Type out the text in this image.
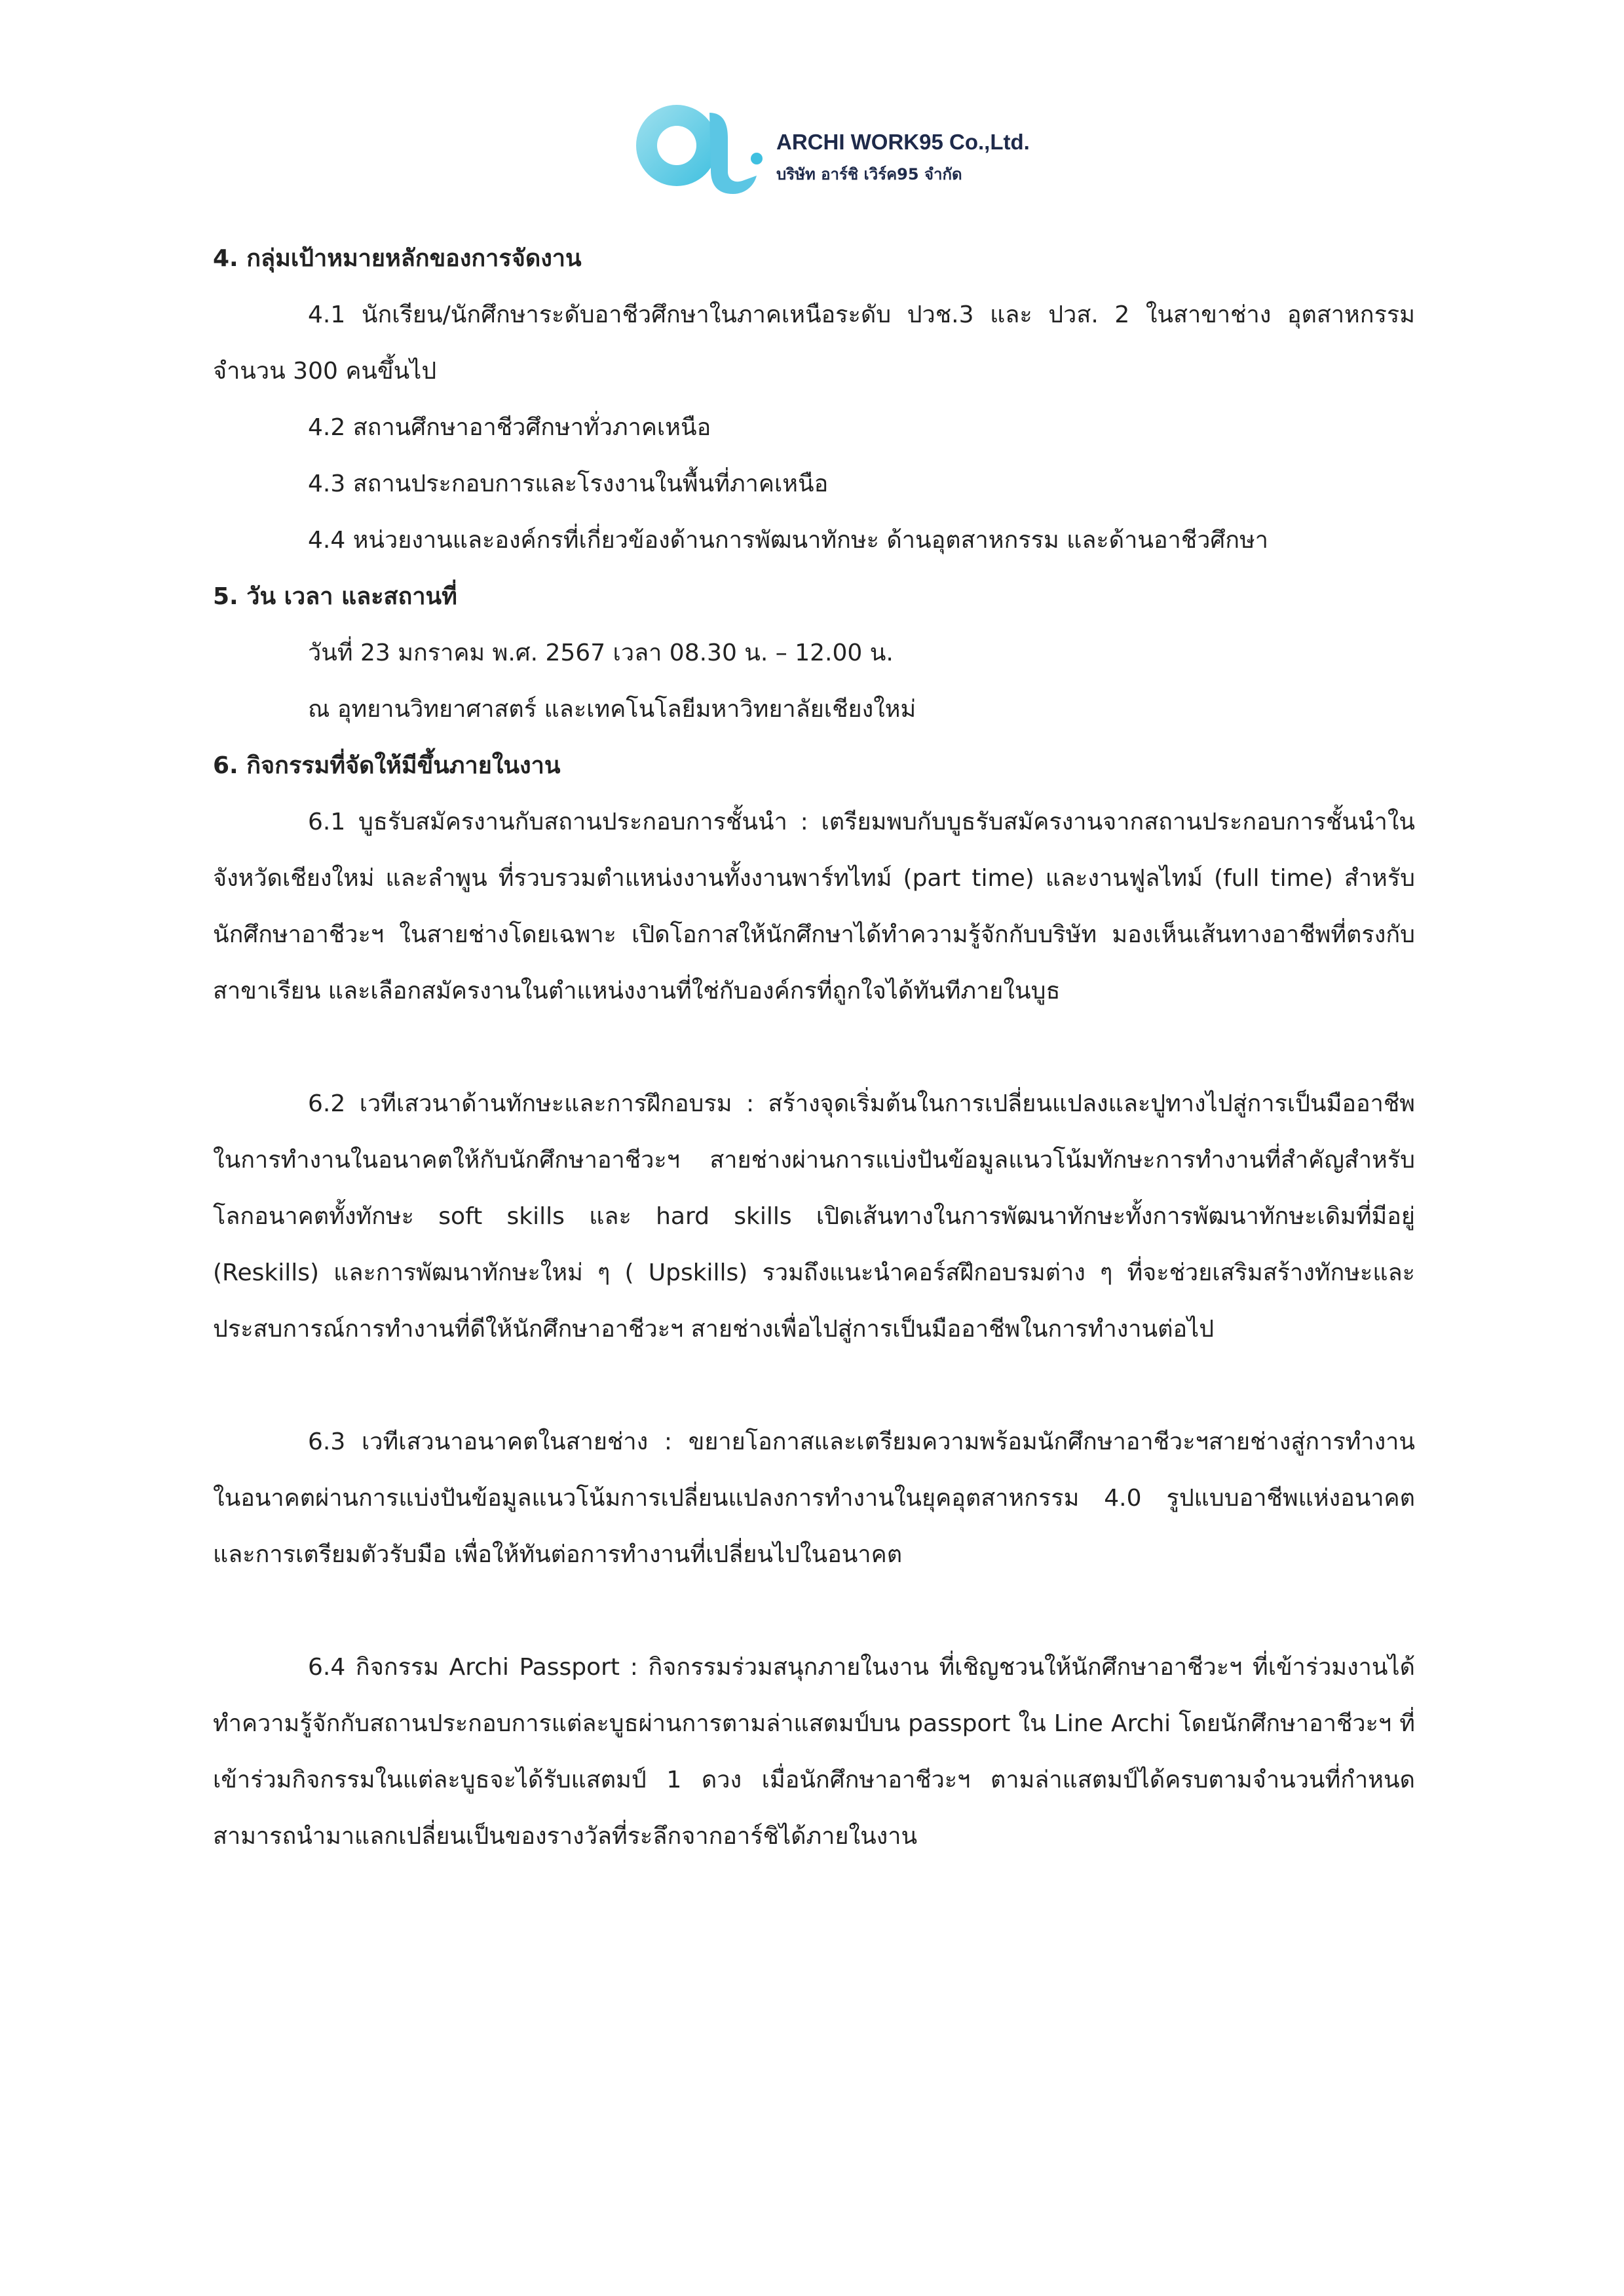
ARCHI WORK95 Co.,Ltd.
บริษัท อาร์ชิ เวิร์ค95 จำกัด

4. กลุ่มเป้าหมายหลักของการจัดงาน

4.1 นักเรียน/นักศึกษาระดับอาชีวศึกษาในภาคเหนือระดับ ปวช.3 และ ปวส. 2 ในสาขาช่าง อุตสาหกรรม จำนวน 300 คนขึ้นไป

4.2 สถานศึกษาอาชีวศึกษาทั่วภาคเหนือ

4.3 สถานประกอบการและโรงงานในพื้นที่ภาคเหนือ

4.4 หน่วยงานและองค์กรที่เกี่ยวข้องด้านการพัฒนาทักษะ ด้านอุตสาหกรรม และด้านอาชีวศึกษา

5. วัน เวลา และสถานที่

วันที่ 23 มกราคม พ.ศ. 2567 เวลา 08.30 น. – 12.00 น.

ณ อุทยานวิทยาศาสตร์ และเทคโนโลยีมหาวิทยาลัยเชียงใหม่

6. กิจกรรมที่จัดให้มีขึ้นภายในงาน

6.1 บูธรับสมัครงานกับสถานประกอบการชั้นนำ : เตรียมพบกับบูธรับสมัครงานจากสถานประกอบการชั้นนำในจังหวัดเชียงใหม่ และลำพูน ที่รวบรวมตำแหน่งงานทั้งงานพาร์ทไทม์ (part time) และงานฟูลไทม์ (full time) สำหรับนักศึกษาอาชีวะฯ ในสายช่างโดยเฉพาะ เปิดโอกาสให้นักศึกษาได้ทำความรู้จักกับบริษัท มองเห็นเส้นทางอาชีพที่ตรงกับสาขาเรียน และเลือกสมัครงานในตำแหน่งงานที่ใช่กับองค์กรที่ถูกใจได้ทันทีภายในบูธ

6.2 เวทีเสวนาด้านทักษะและการฝึกอบรม : สร้างจุดเริ่มต้นในการเปลี่ยนแปลงและปูทางไปสู่การเป็นมืออาชีพในการทำงานในอนาคตให้กับนักศึกษาอาชีวะฯ สายช่างผ่านการแบ่งปันข้อมูลแนวโน้มทักษะการทำงานที่สำคัญสำหรับโลกอนาคตทั้งทักษะ soft skills และ hard skills เปิดเส้นทางในการพัฒนาทักษะทั้งการพัฒนาทักษะเดิมที่มีอยู่ (Reskills) และการพัฒนาทักษะใหม่ ๆ ( Upskills) รวมถึงแนะนำคอร์สฝึกอบรมต่าง ๆ ที่จะช่วยเสริมสร้างทักษะและประสบการณ์การทำงานที่ดีให้นักศึกษาอาชีวะฯ สายช่างเพื่อไปสู่การเป็นมืออาชีพในการทำงานต่อไป

6.3 เวทีเสวนาอนาคตในสายช่าง : ขยายโอกาสและเตรียมความพร้อมนักศึกษาอาชีวะฯสายช่างสู่การทำงานในอนาคตผ่านการแบ่งปันข้อมูลแนวโน้มการเปลี่ยนแปลงการทำงานในยุคอุตสาหกรรม 4.0 รูปแบบอาชีพแห่งอนาคต และการเตรียมตัวรับมือ เพื่อให้ทันต่อการทำงานที่เปลี่ยนไปในอนาคต

6.4 กิจกรรม Archi Passport : กิจกรรมร่วมสนุกภายในงาน ที่เชิญชวนให้นักศึกษาอาชีวะฯ ที่เข้าร่วมงานได้ทำความรู้จักกับสถานประกอบการแต่ละบูธผ่านการตามล่าแสตมป์บน passport ใน Line Archi โดยนักศึกษาอาชีวะฯ ที่เข้าร่วมกิจกรรมในแต่ละบูธจะได้รับแสตมป์ 1 ดวง เมื่อนักศึกษาอาชีวะฯ ตามล่าแสตมป์ได้ครบตามจำนวนที่กำหนด สามารถนำมาแลกเปลี่ยนเป็นของรางวัลที่ระลึกจากอาร์ชิได้ภายในงาน
